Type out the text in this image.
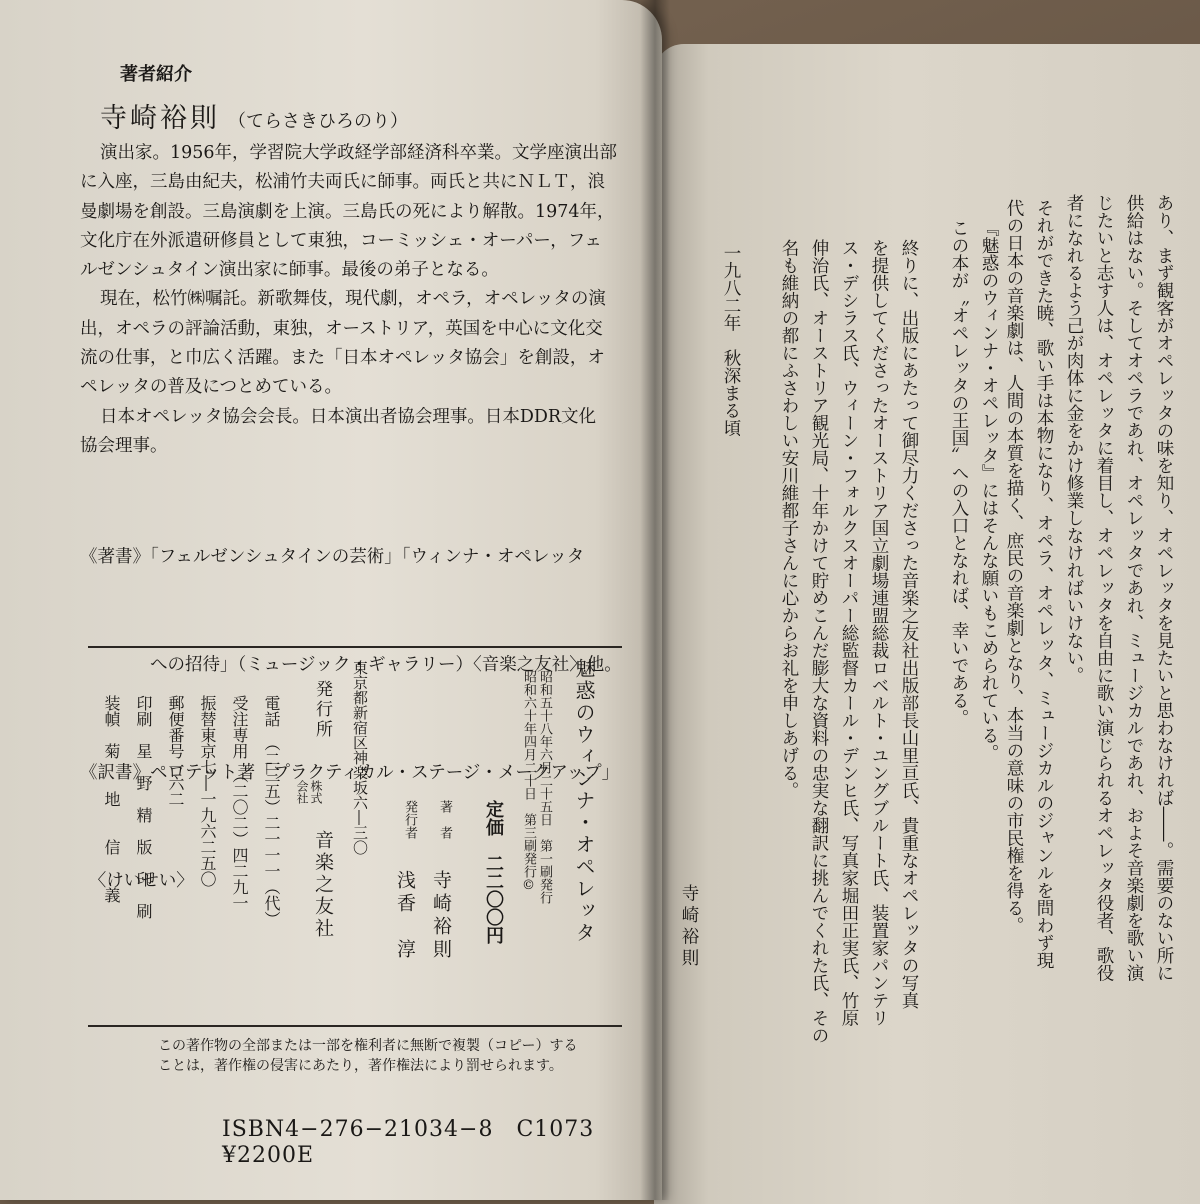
あり、まず観客がオペレッタの味を知り、オペレッタを見たいと思わなければ――。需要のない所に
供給はない。そしてオペラであれ、オペレッタであれ、ミュージカルであれ、およそ音楽劇を歌い演
じたいと志す人は、オペレッタに着目し、オペレッタを自由に歌い演じられるオペレッタ役者、歌役
者になれるよう己が肉体に金をかけ修業しなければいけない。
それができた暁、歌い手は本物になり、オペラ、オペレッタ、ミュージカルのジャンルを問わず現
代の日本の音楽劇は、人間の本質を描く、庶民の音楽劇となり、本当の意味の市民権を得る。
『魅惑のウィンナ・オペレッタ』にはそんな願いもこめられている。
この本が〝オペレッタの王国〟への入口となれば、幸いである。
終りに、出版にあたって御尽力くださった音楽之友社出版部長山里亘氏、貴重なオペレッタの写真
を提供してくださったオーストリア国立劇場連盟総裁ロベルト・ユングブルート氏、装置家パンテリ
ス・デシラス氏、ウィーン・フォルクスオーパー総監督カール・デンヒ氏、写真家堀田正実氏、竹原
伸治氏、オーストリア観光局、十年かけて貯めこんだ膨大な資料の忠実な翻訳に挑んでくれた氏、その
名も維納の都にふさわしい安川維都子さんに心からお礼を申しあげる。
一九八二年　秋深まる頃
寺崎裕則
著者紹介
寺崎裕則 （てらさきひろのり）
演出家。1956年，学習院大学政経学部経済科卒業。文学座演出部
に入座，三島由紀夫，松浦竹夫両氏に師事。両氏と共にＮＬＴ，浪
曼劇場を創設。三島演劇を上演。三島氏の死により解散。1974年，
文化庁在外派遣研修員として東独，コーミッシェ・オーパー，フェ
ルゼンシュタイン演出家に師事。最後の弟子となる。
現在，松竹㈱嘱託。新歌舞伎，現代劇，オペラ，オペレッタの演
出，オペラの評論活動，東独，オーストリア，英国を中心に文化交
流の仕事，と巾広く活躍。また「日本オペレッタ協会」を創設，オ
ペレッタの普及につとめている。
日本オペレッタ協会会長。日本演出者協会理事。日本DDR文化
協会理事。

《著書》「フェルゼンシュタインの芸術」「ウィンナ・オペレッタ

　　　　への招待」（ミュージック・ギャラリー）〈音楽之友社〉他。

《訳書》ペロテット著「プラクティカル・ステージ・メークアップ」

　〈けいせい〉

	魅惑のウィンナ・オペレッタ
昭和五十八年六月二十五日　第一刷発行
昭和六十年四月二十日　第三刷発行©
定価　二二〇〇円
著　者
寺崎裕則
発行者
浅香　淳
東京都新宿区神楽坂六―三〇
発行所
株式
会社
音楽之友社
電話　（二三五）二一一一（代）
受注専用　（二〇二）四二九一
振替東京七―一九六二五〇
郵便番号一六二
印刷　星　野　精　版　印　刷
装幀　菊　　地　　信　　義
この著作物の全部または一部を権利者に無断で複製（コピー）する
ことは，著作権の侵害にあたり，著作権法により罰せられます。
ISBN4−276−21034−8　C1073　¥2200E
